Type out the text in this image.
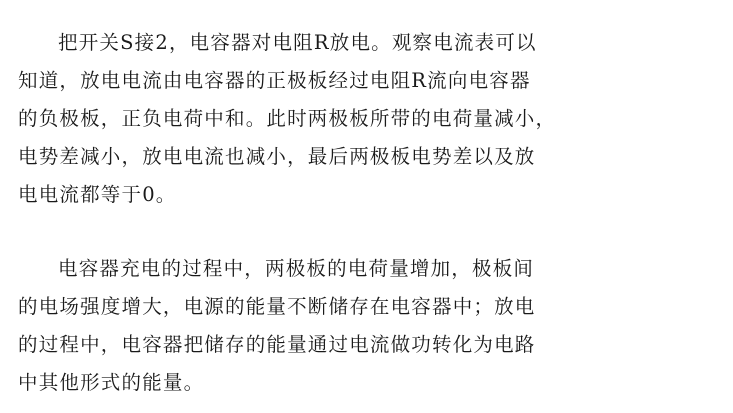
把开关S接2，电容器对电阻R放电。观察电流表可以
知道，放电电流由电容器的正极板经过电阻R流向电容器
的负极板，正负电荷中和。此时两极板所带的电荷量减小，
电势差减小，放电电流也减小，最后两极板电势差以及放
电电流都等于0。

电容器充电的过程中，两极板的电荷量增加，极板间
的电场强度增大，电源的能量不断储存在电容器中；放电
的过程中，电容器把储存的能量通过电流做功转化为电路
中其他形式的能量。
